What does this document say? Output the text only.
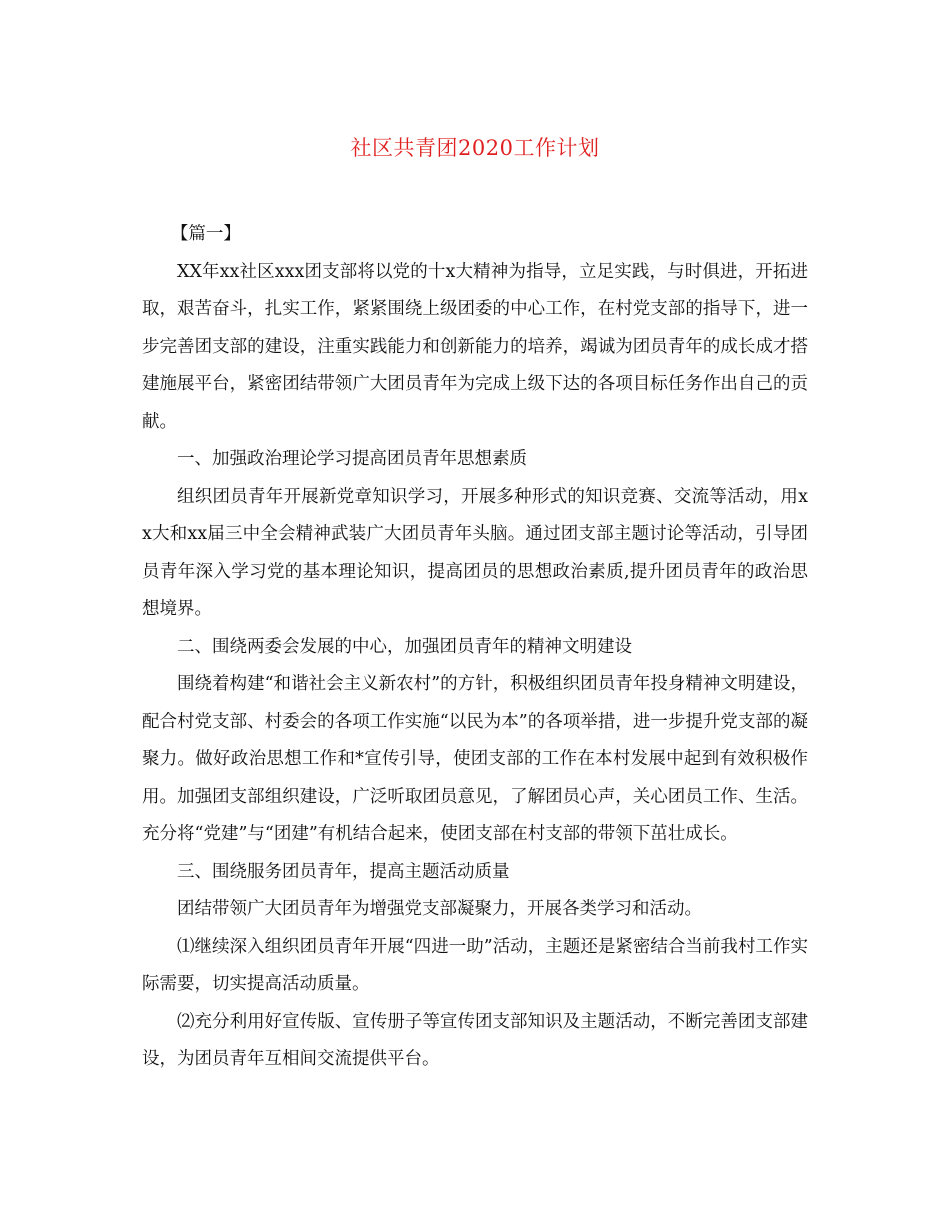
社区共青团2020工作计划

【篇一】

XX年xx社区xxx团支部将以党的十x大精神为指导，立足实践，与时俱进，开拓进取，艰苦奋斗，扎实工作，紧紧围绕上级团委的中心工作，在村党支部的指导下，进一步完善团支部的建设，注重实践能力和创新能力的培养，竭诚为团员青年的成长成才搭建施展平台，紧密团结带领广大团员青年为完成上级下达的各项目标任务作出自己的贡献。

一、加强政治理论学习提高团员青年思想素质

组织团员青年开展新党章知识学习，开展多种形式的知识竞赛、交流等活动，用xx大和xx届三中全会精神武装广大团员青年头脑。通过团支部主题讨论等活动，引导团员青年深入学习党的基本理论知识，提高团员的思想政治素质,提升团员青年的政治思想境界。

二、围绕两委会发展的中心，加强团员青年的精神文明建设

围绕着构建“和谐社会主义新农村”的方针，积极组织团员青年投身精神文明建设，配合村党支部、村委会的各项工作实施“以民为本”的各项举措，进一步提升党支部的凝聚力。做好政治思想工作和*宣传引导，使团支部的工作在本村发展中起到有效积极作用。加强团支部组织建设，广泛听取团员意见，了解团员心声，关心团员工作、生活。充分将“党建”与“团建”有机结合起来，使团支部在村支部的带领下茁壮成长。

三、围绕服务团员青年，提高主题活动质量

团结带领广大团员青年为增强党支部凝聚力，开展各类学习和活动。

⑴继续深入组织团员青年开展“四进一助”活动，主题还是紧密结合当前我村工作实际需要，切实提高活动质量。

⑵充分利用好宣传版、宣传册子等宣传团支部知识及主题活动，不断完善团支部建设，为团员青年互相间交流提供平台。
